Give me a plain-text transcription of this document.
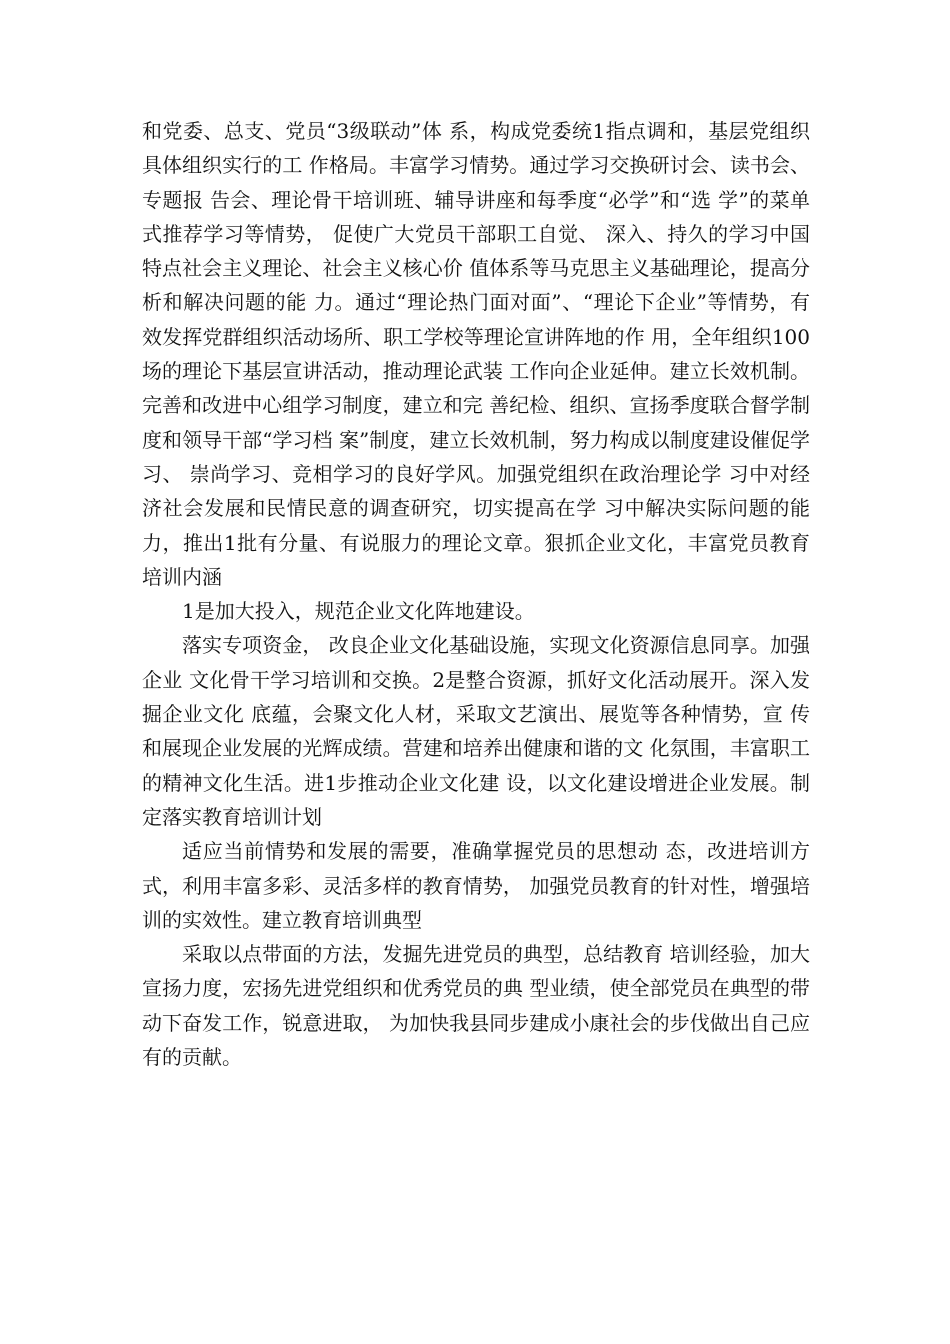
和党委、总支、党员“3级联动”体 系，构成党委统1指点调和，基层党组织具体组织实行的工 作格局。丰富学习情势。通过学习交换研讨会、读书会、专题报 告会、理论骨干培训班、辅导讲座和每季度“必学”和“选 学”的菜单式推荐学习等情势， 促使广大党员干部职工自觉、 深入、持久的学习中国特点社会主义理论、社会主义核心价 值体系等马克思主义基础理论，提高分析和解决问题的能 力。通过“理论热门面对面”、“理论下企业”等情势，有 效发挥党群组织活动场所、职工学校等理论宣讲阵地的作 用，全年组织100场的理论下基层宣讲活动，推动理论武装 工作向企业延伸。建立长效机制。完善和改进中心组学习制度，建立和完 善纪检、组织、宣扬季度联合督学制度和领导干部“学习档 案”制度，建立长效机制，努力构成以制度建设催促学习、 崇尚学习、竞相学习的良好学风。加强党组织在政治理论学 习中对经济社会发展和民情民意的调查研究，切实提高在学 习中解决实际问题的能力，推出1批有分量、有说服力的理论文章。狠抓企业文化，丰富党员教育培训内涵

1是加大投入，规范企业文化阵地建设。

落实专项资金， 改良企业文化基础设施，实现文化资源信息同享。加强企业 文化骨干学习培训和交换。2是整合资源，抓好文化活动展开。深入发掘企业文化 底蕴，会聚文化人材，采取文艺演出、展览等各种情势，宣 传和展现企业发展的光辉成绩。营建和培养出健康和谐的文 化氛围，丰富职工的精神文化生活。进1步推动企业文化建 设，以文化建设增进企业发展。制定落实教育培训计划

适应当前情势和发展的需要，准确掌握党员的思想动 态，改进培训方式，利用丰富多彩、灵活多样的教育情势， 加强党员教育的针对性，增强培训的实效性。建立教育培训典型

采取以点带面的方法，发掘先进党员的典型，总结教育 培训经验，加大宣扬力度，宏扬先进党组织和优秀党员的典 型业绩，使全部党员在典型的带动下奋发工作，锐意进取， 为加快我县同步建成小康社会的步伐做出自己应有的贡献。
